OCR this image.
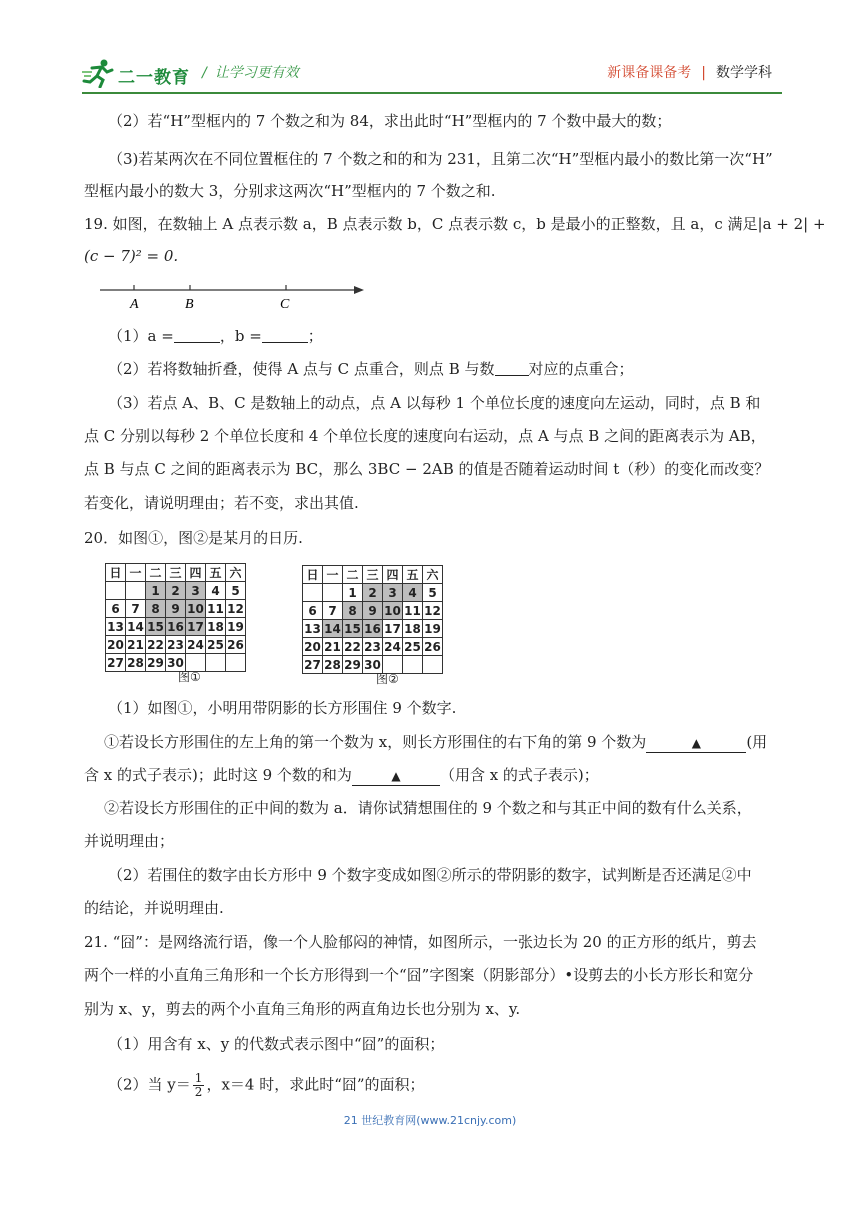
二一教育 / 让学习更有效	新课备课备考 | 数学学科
（2）若“H”型框内的 7 个数之和为 84，求出此时“H”型框内的 7 个数中最大的数；
（3)若某两次在不同位置框住的 7 个数之和的和为 231，且第二次“H”型框内最小的数比第一次“H”
型框内最小的数大 3，分别求这两次“H”型框内的 7 个数之和.
19. 如图，在数轴上 A 点表示数 a，B 点表示数 b，C 点表示数 c，b 是最小的正整数，且 a，c 满足|a + 2| +
(c − 7)² = 0.
A	B	C
（1）a =	，b =	；
（2）若将数轴折叠，使得 A 点与 C 点重合，则点 B 与数 对应的点重合；
（3）若点 A、B、C 是数轴上的动点，点 A 以每秒 1 个单位长度的速度向左运动，同时，点 B 和
点 C 分别以每秒 2 个单位长度和 4 个单位长度的速度向右运动，点 A 与点 B 之间的距离表示为 AB，
点 B 与点 C 之间的距离表示为 BC，那么 3BC − 2AB 的值是否随着运动时间 t（秒）的变化而改变？
若变化，请说明理由；若不变，求出其值.
20．如图①，图②是某月的日历.
日	一	二	三	四	五	六
		1	2	3	4	5
6	7	8	9	10	11	12
13	14	15	16	17	18	19
20	21	22	23	24	25	26
27	28	29	30			
图①
日	一	二	三	四	五	六
		1	2	3	4	5
6	7	8	9	10	11	12
13	14	15	16	17	18	19
20	21	22	23	24	25	26
27	28	29	30			
图②
（1）如图①，小明用带阴影的长方形围住 9 个数字.
①若设长方形围住的左上角的第一个数为 x，则长方形围住的右下角的第 9 个数为	▲	(用
含 x 的式子表示)；此时这 9 个数的和为	▲	（用含 x 的式子表示)；
②若设长方形围住的正中间的数为 a．请你试猜想围住的 9 个数之和与其正中间的数有什么关系，
并说明理由；
（2）若围住的数字由长方形中 9 个数字变成如图②所示的带阴影的数字，试判断是否还满足②中
的结论，并说明理由.
21. “囧”：是网络流行语，像一个人脸郁闷的神情，如图所示，一张边长为 20 的正方形的纸片，剪去
两个一样的小直角三角形和一个长方形得到一个“囧”字图案（阴影部分）•设剪去的小长方形长和宽分
别为 x、y，剪去的两个小直角三角形的两直角边长也分别为 x、y.
（1）用含有 x、y 的代数式表示图中“囧”的面积；
（2）当 $y= \frac{1}{2}$ ，x＝4 时，求此时“囧”的面积；
21 世纪教育网(www.21cnjy.com)
